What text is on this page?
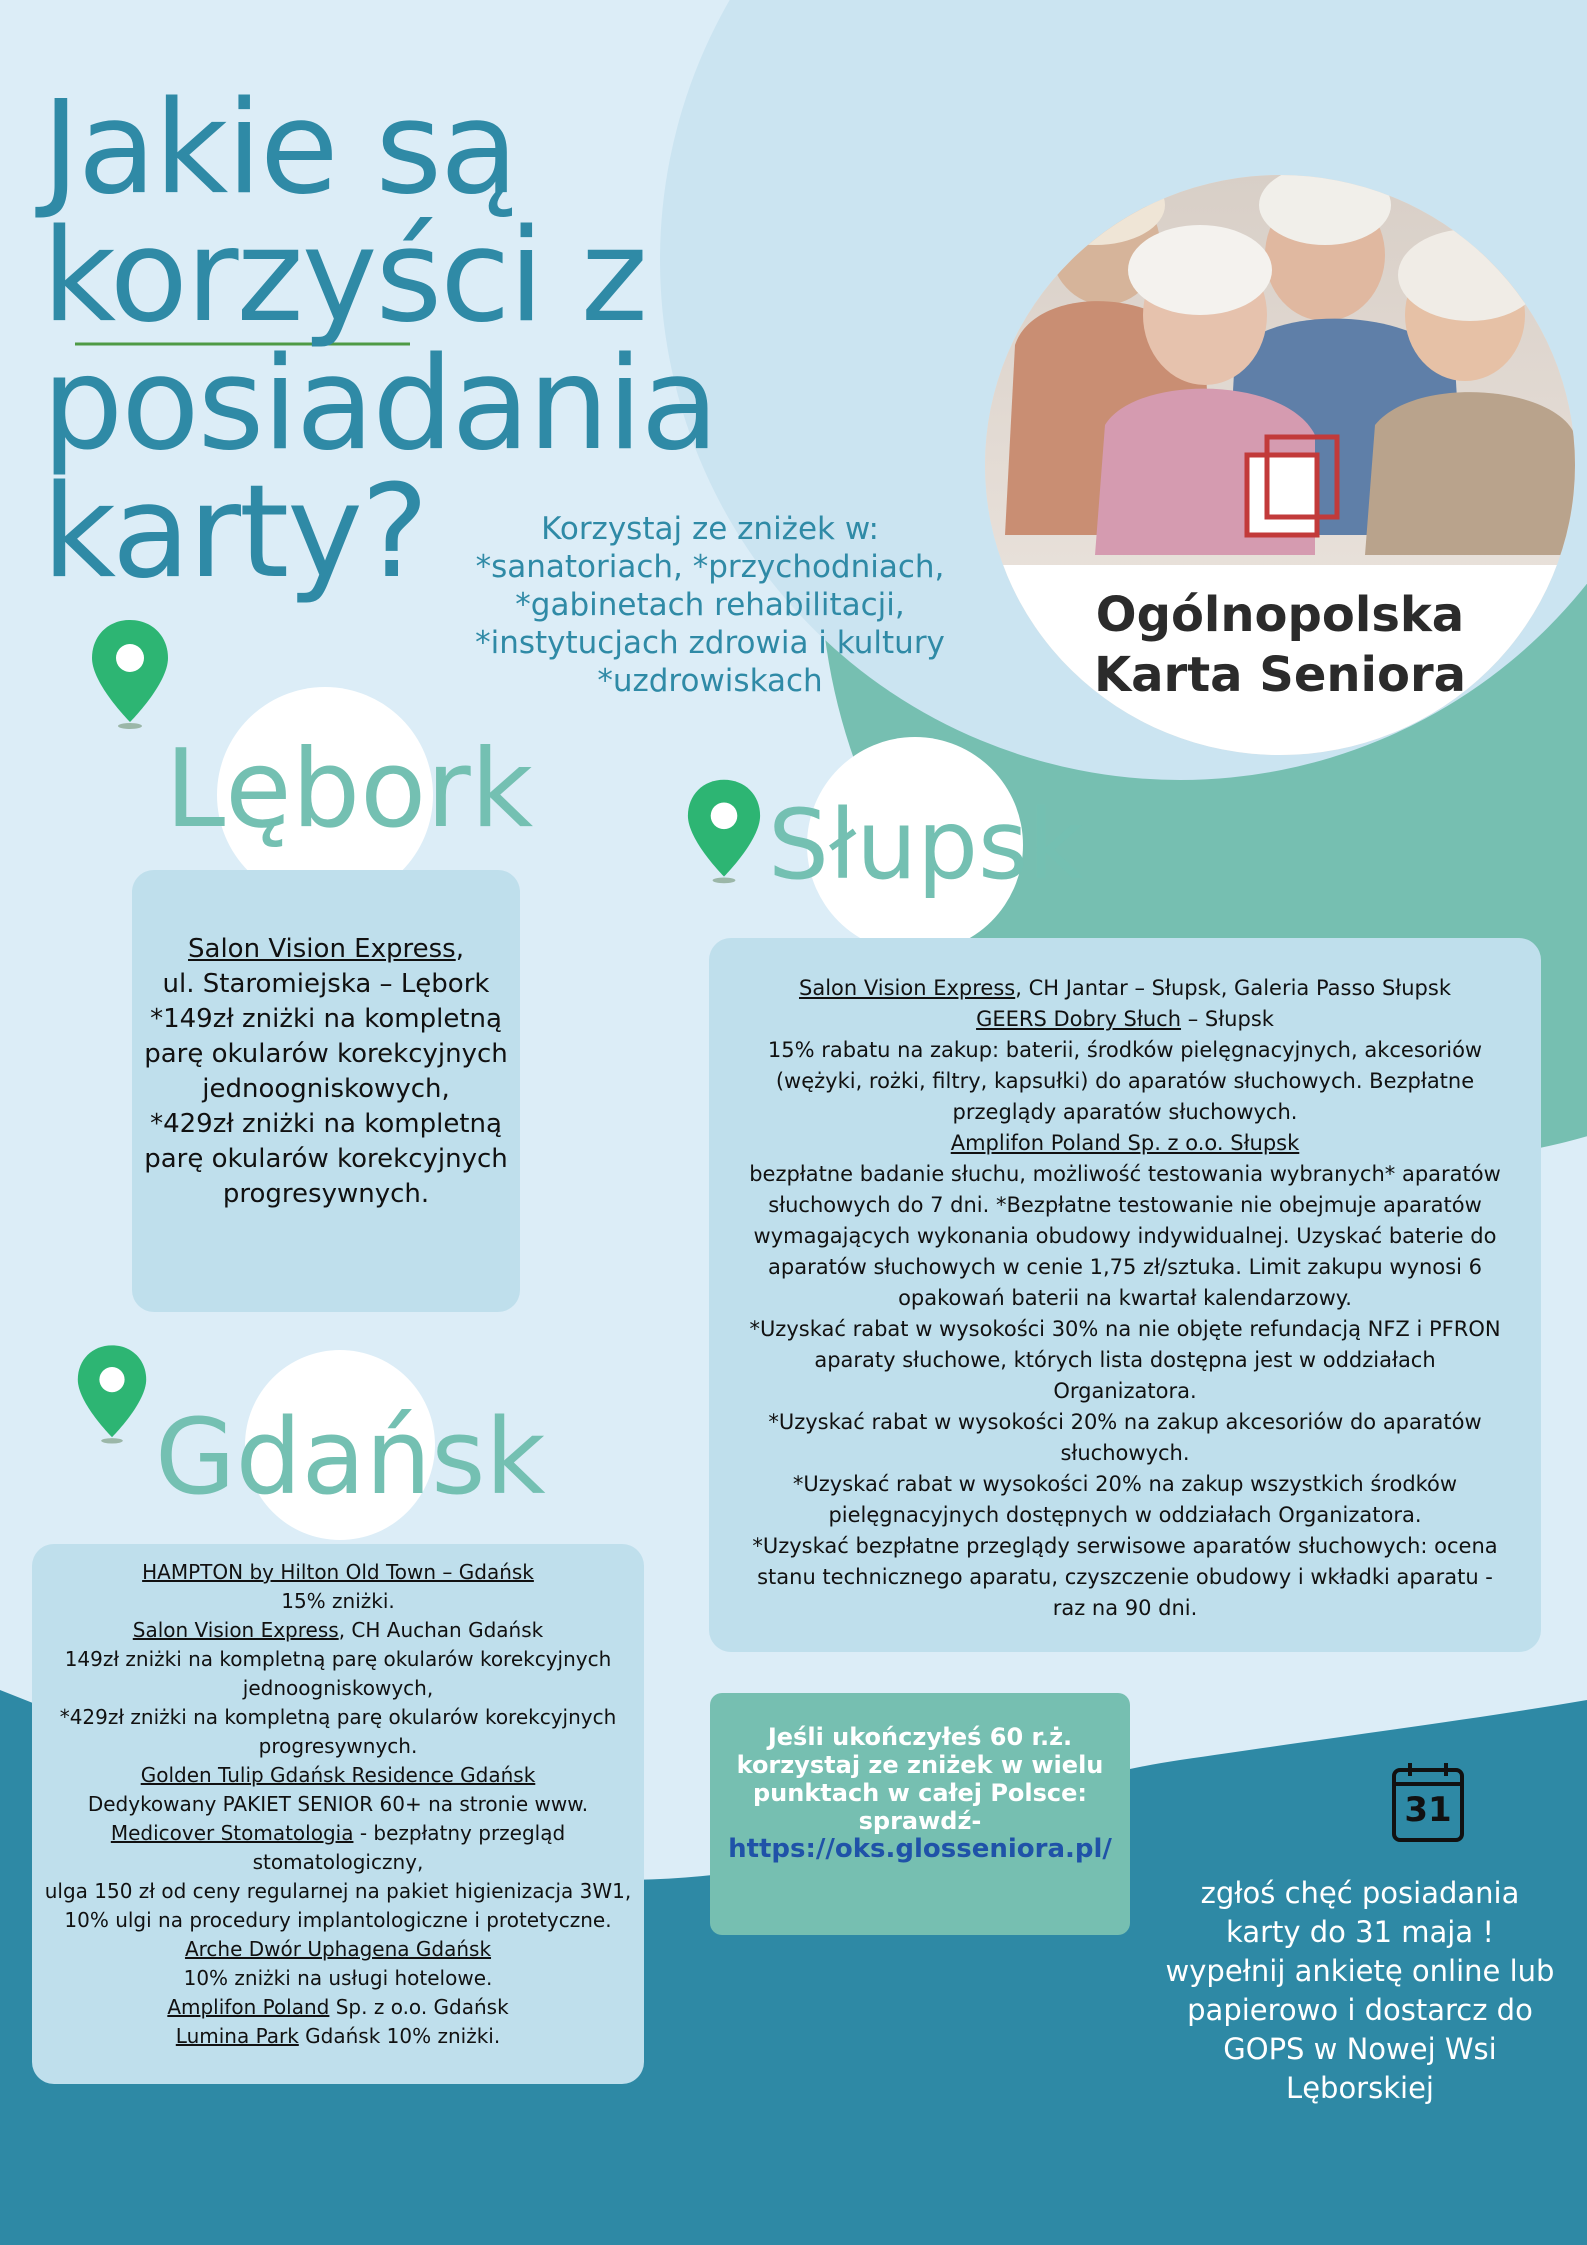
Jakie są
korzyści z
posiadania
karty?	Korzystaj ze zniżek w:
*sanatoriach, *przychodniach,
*gabinetach rehabilitacji,
*instytucjach zdrowia i kultury
*uzdrowiskach
Ogólnopolska
Karta Seniora
Lębork
Salon Vision Express,
ul. Staromiejska – Lębork
*149zł zniżki na kompletną
parę okularów korekcyjnych
jednoogniskowych,
*429zł zniżki na kompletną
parę okularów korekcyjnych
progresywnych.
Słupsk
Salon Vision Express, CH Jantar – Słupsk, Galeria Passo Słupsk
GEERS Dobry Słuch – Słupsk
15% rabatu na zakup: baterii, środków pielęgnacyjnych, akcesoriów
(wężyki, rożki, filtry, kapsułki) do aparatów słuchowych. Bezpłatne
przeglądy aparatów słuchowych.
Amplifon Poland Sp. z o.o. Słupsk
bezpłatne badanie słuchu, możliwość testowania wybranych* aparatów
słuchowych do 7 dni. *Bezpłatne testowanie nie obejmuje aparatów
wymagających wykonania obudowy indywidualnej. Uzyskać baterie do
aparatów słuchowych w cenie 1,75 zł/sztuka. Limit zakupu wynosi 6
opakowań baterii na kwartał kalendarzowy.
*Uzyskać rabat w wysokości 30% na nie objęte refundacją NFZ i PFRON
aparaty słuchowe, których lista dostępna jest w oddziałach
Organizatora.
*Uzyskać rabat w wysokości 20% na zakup akcesoriów do aparatów
słuchowych.
*Uzyskać rabat w wysokości 20% na zakup wszystkich środków
pielęgnacyjnych dostępnych w oddziałach Organizatora.
*Uzyskać bezpłatne przeglądy serwisowe aparatów słuchowych: ocena
stanu technicznego aparatu, czyszczenie obudowy i wkładki aparatu -
raz na 90 dni.
Gdańsk
HAMPTON by Hilton Old Town – Gdańsk
15% zniżki.
Salon Vision Express, CH Auchan Gdańsk
149zł zniżki na kompletną parę okularów korekcyjnych
jednoogniskowych,
*429zł zniżki na kompletną parę okularów korekcyjnych
progresywnych.
Golden Tulip Gdańsk Residence Gdańsk
Dedykowany PAKIET SENIOR 60+ na stronie www.
Medicover Stomatologia - bezpłatny przegląd
stomatologiczny,
ulga 150 zł od ceny regularnej na pakiet higienizacja 3W1,
10% ulgi na procedury implantologiczne i protetyczne.
Arche Dwór Uphagena Gdańsk
10% zniżki na usługi hotelowe.
Amplifon Poland Sp. z o.o. Gdańsk
Lumina Park Gdańsk 10% zniżki.
Jeśli ukończyłeś 60 r.ż.
korzystaj ze zniżek w wielu
punktach w całej Polsce:
sprawdź-
https://oks.glosseniora.pl/
31
zgłoś chęć posiadania
karty do 31 maja !
wypełnij ankietę online lub
papierowo i dostarcz do
GOPS w Nowej Wsi
Lęborskiej
